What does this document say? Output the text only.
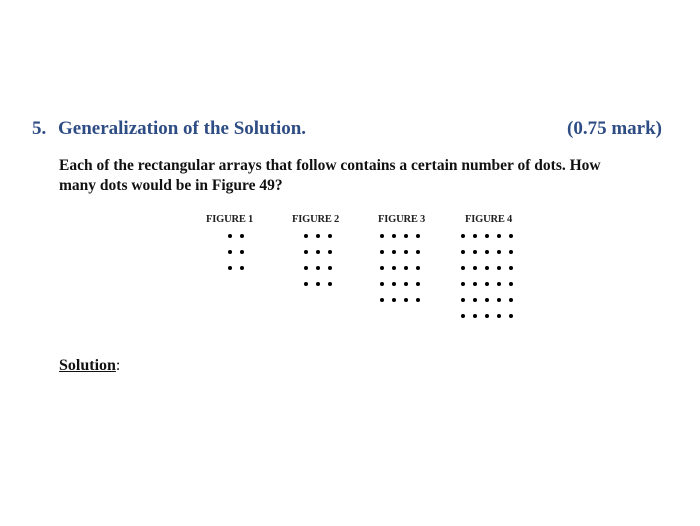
5. Generalization of the Solution.	(0.75 mark)
Each of the rectangular arrays that follow contains a certain number of dots. How
many dots would be in Figure 49?
FIGURE 1	FIGURE 2	FIGURE 3	FIGURE 4
Solution:
